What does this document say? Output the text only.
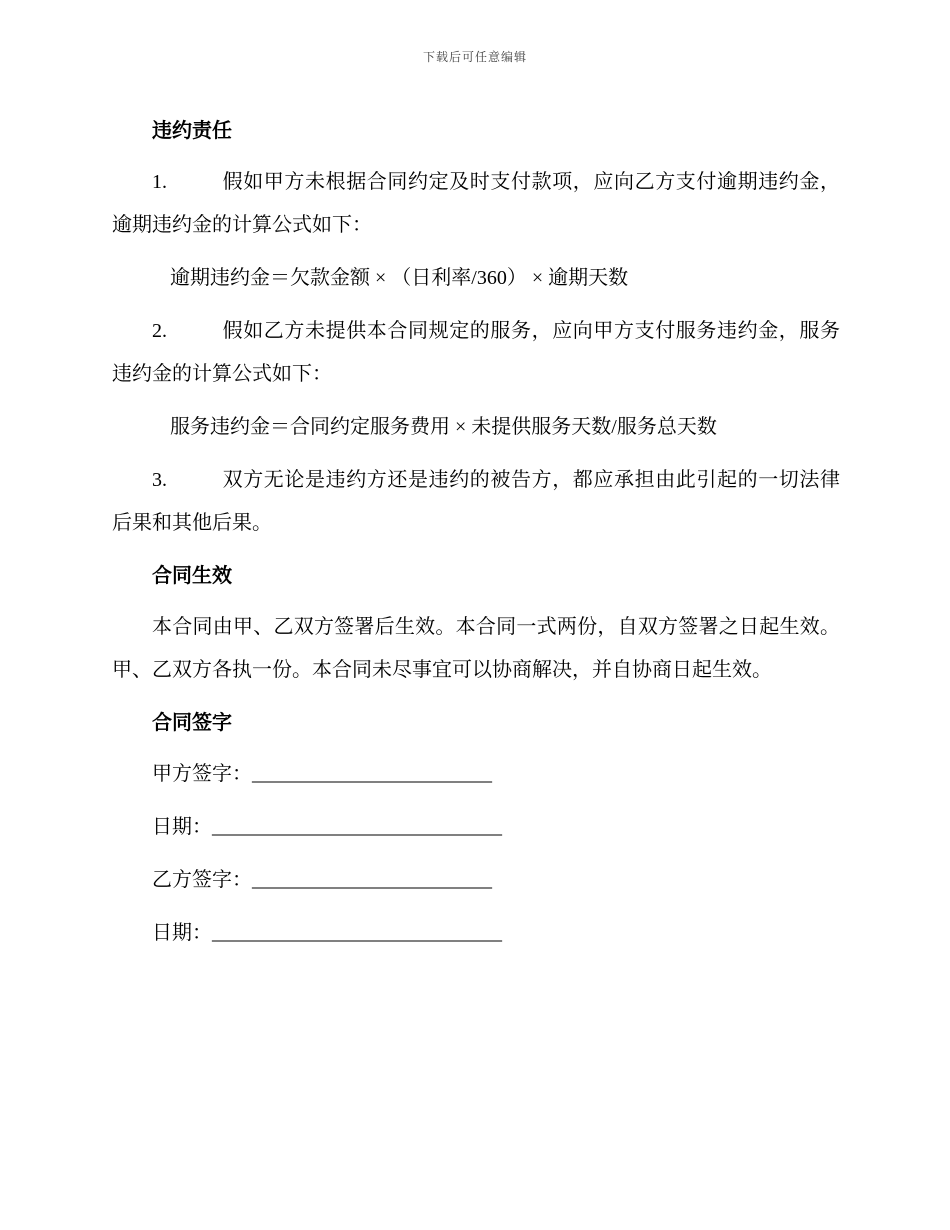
下载后可任意编辑
违约责任

1.	假如甲方未根据合同约定及时支付款项，应向乙方支付逾期违约金，逾期违约金的计算公式如下：

逾期违约金＝欠款金额 × （日利率/360） × 逾期天数

2.	假如乙方未提供本合同规定的服务，应向甲方支付服务违约金，服务违约金的计算公式如下：

服务违约金＝合同约定服务费用 × 未提供服务天数/服务总天数

3.	双方无论是违约方还是违约的被告方，都应承担由此引起的一切法律后果和其他后果。

合同生效

本合同由甲、乙双方签署后生效。本合同一式两份，自双方签署之日起生效。甲、乙双方各执一份。本合同未尽事宜可以协商解决，并自协商日起生效。

合同签字

甲方签字：________________________

日期：_____________________________

乙方签字：________________________

日期：_____________________________
